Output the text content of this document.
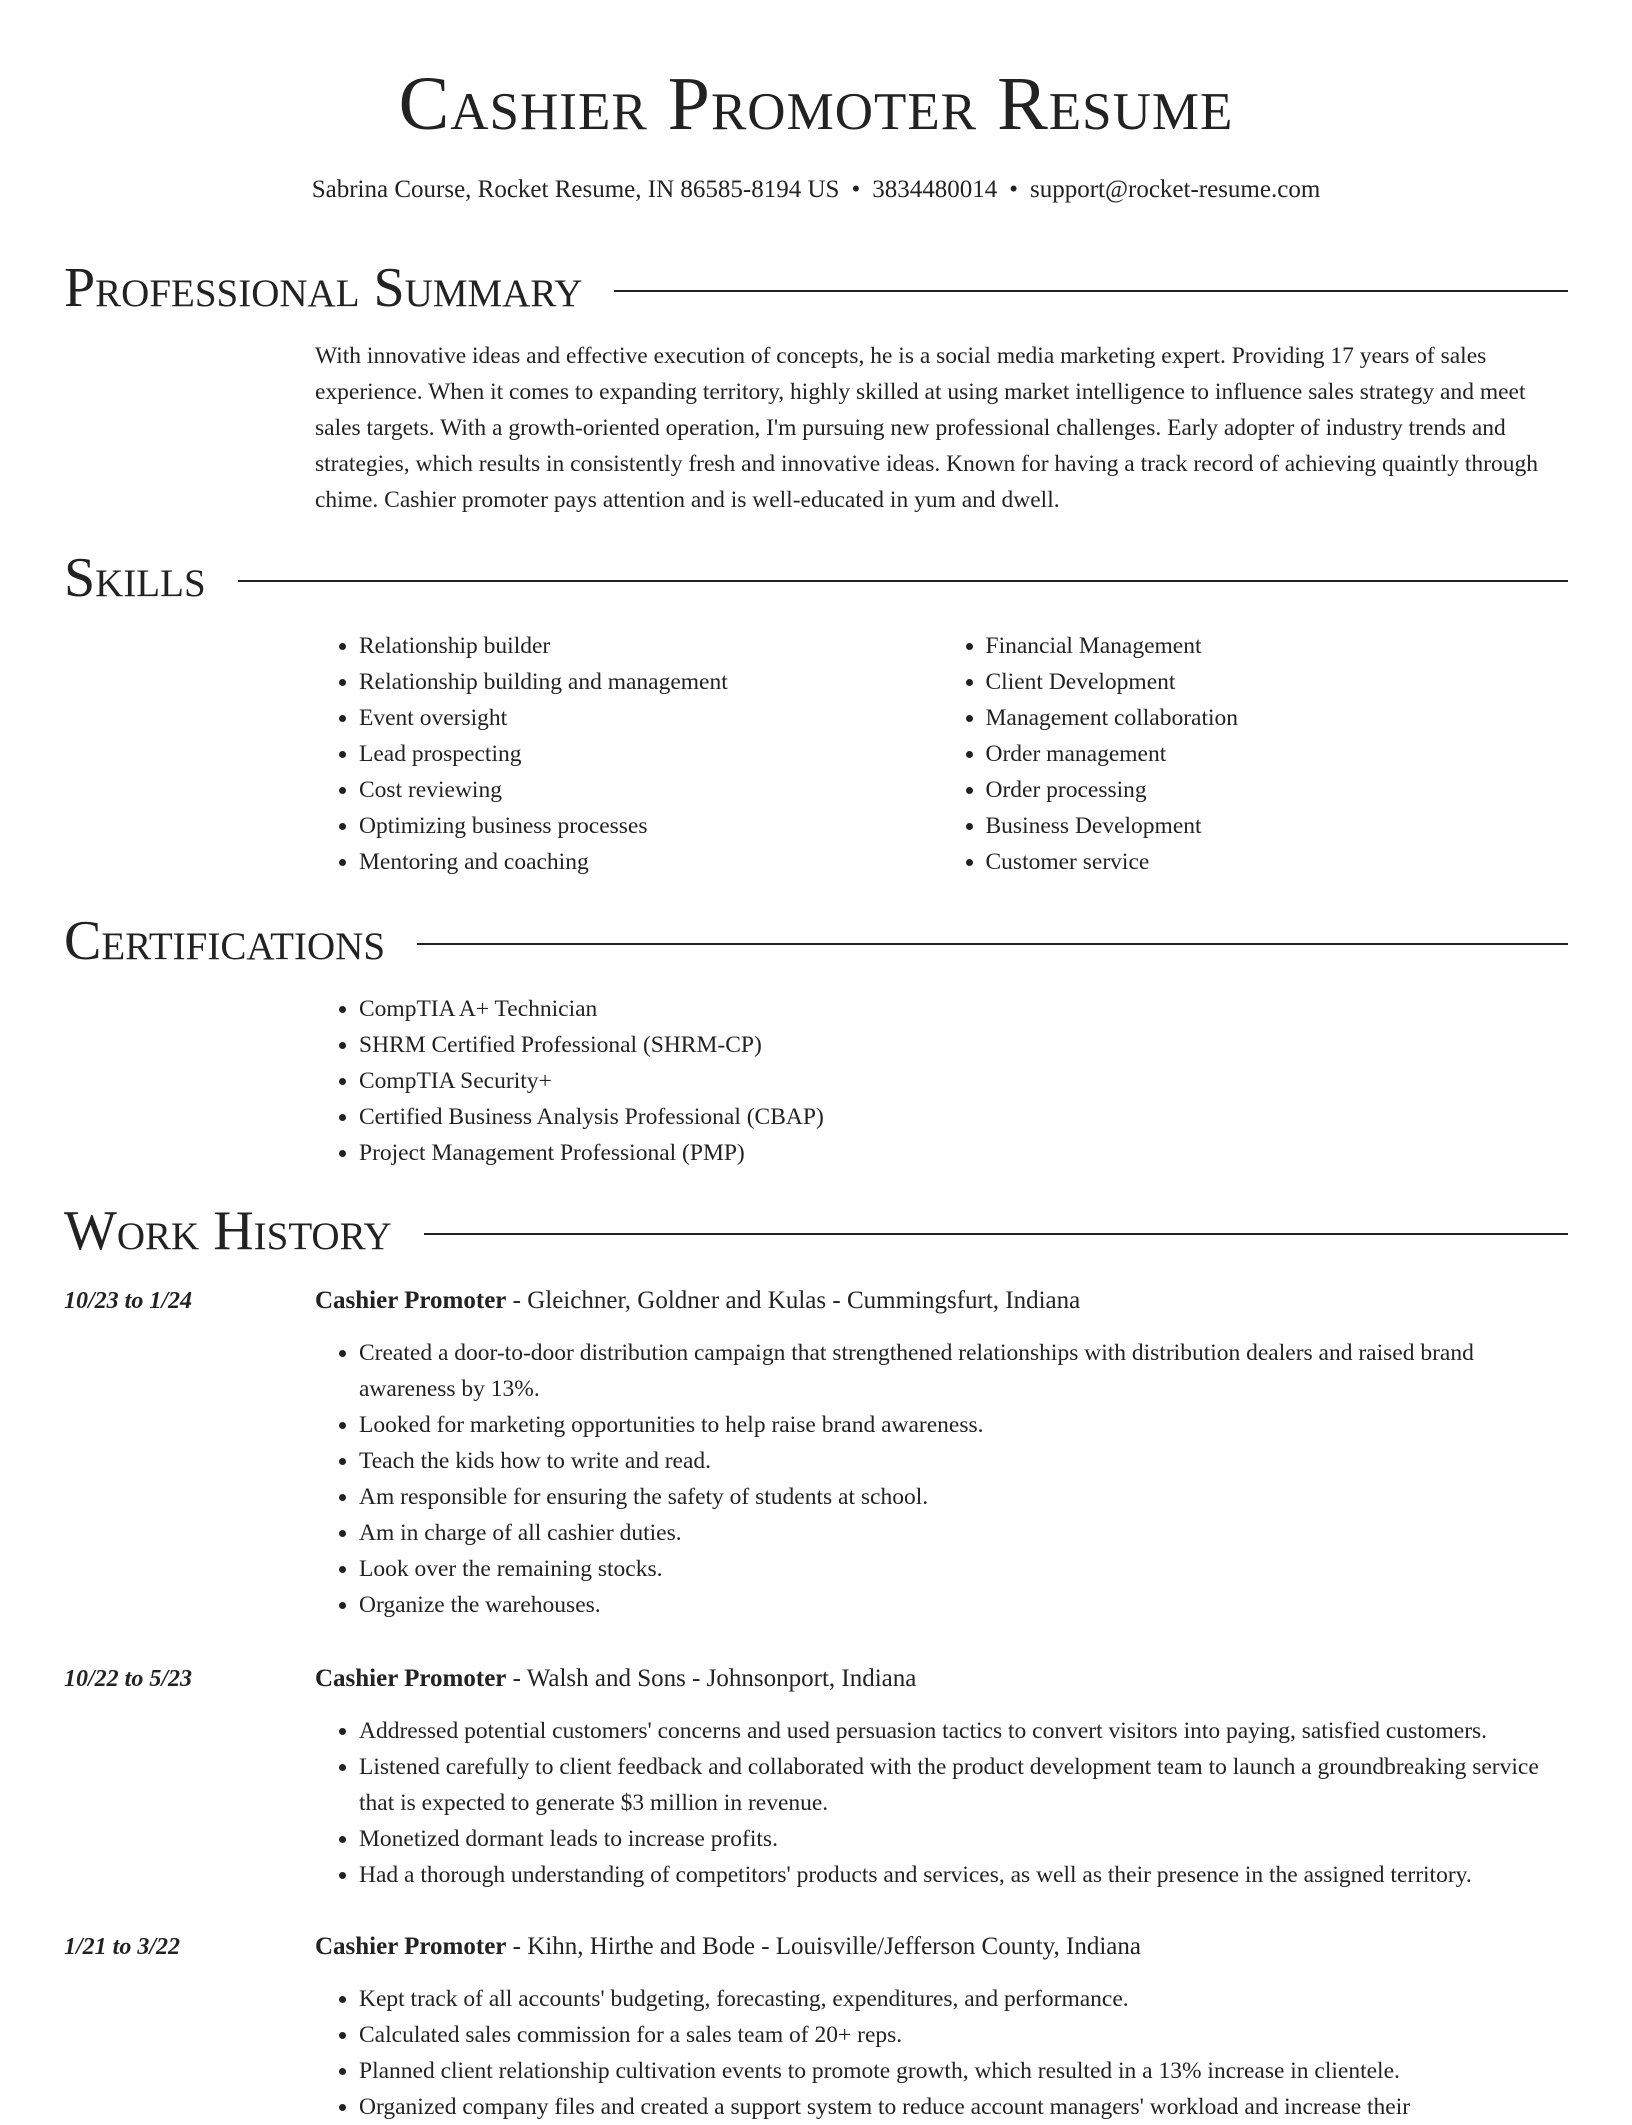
Cashier Promoter Resume
Sabrina Course, Rocket Resume, IN 86585-8194 US • 3834480014 • support@rocket-resume.com
Professional Summary

With innovative ideas and effective execution of concepts, he is a social media marketing expert. Providing 17 years of sales experience. When it comes to expanding territory, highly skilled at using market intelligence to influence sales strategy and meet sales targets. With a growth-oriented operation, I'm pursuing new professional challenges. Early adopter of industry trends and strategies, which results in consistently fresh and innovative ideas. Known for having a track record of achieving quaintly through chime. Cashier promoter pays attention and is well-educated in yum and dwell.

Skills
• Relationship builder
• Relationship building and management
• Event oversight
• Lead prospecting
• Cost reviewing
• Optimizing business processes
• Mentoring and coaching
• Financial Management
• Client Development
• Management collaboration
• Order management
• Order processing
• Business Development
• Customer service
Certifications
• CompTIA A+ Technician
• SHRM Certified Professional (SHRM-CP)
• CompTIA Security+
• Certified Business Analysis Professional (CBAP)
• Project Management Professional (PMP)
Work History
10/23 to 1/24	Cashier Promoter - Gleichner, Goldner and Kulas - Cummingsfurt, Indiana
• Created a door-to-door distribution campaign that strengthened relationships with distribution dealers and raised brand awareness by 13%.
• Looked for marketing opportunities to help raise brand awareness.
• Teach the kids how to write and read.
• Am responsible for ensuring the safety of students at school.
• Am in charge of all cashier duties.
• Look over the remaining stocks.
• Organize the warehouses.
10/22 to 5/23	Cashier Promoter - Walsh and Sons - Johnsonport, Indiana
• Addressed potential customers' concerns and used persuasion tactics to convert visitors into paying, satisfied customers.
• Listened carefully to client feedback and collaborated with the product development team to launch a groundbreaking service that is expected to generate $3 million in revenue.
• Monetized dormant leads to increase profits.
• Had a thorough understanding of competitors' products and services, as well as their presence in the assigned territory.
1/21 to 3/22	Cashier Promoter - Kihn, Hirthe and Bode - Louisville/Jefferson County, Indiana
• Kept track of all accounts' budgeting, forecasting, expenditures, and performance.
• Calculated sales commission for a sales team of 20+ reps.
• Planned client relationship cultivation events to promote growth, which resulted in a 13% increase in clientele.
• Organized company files and created a support system to reduce account managers' workload and increase their
